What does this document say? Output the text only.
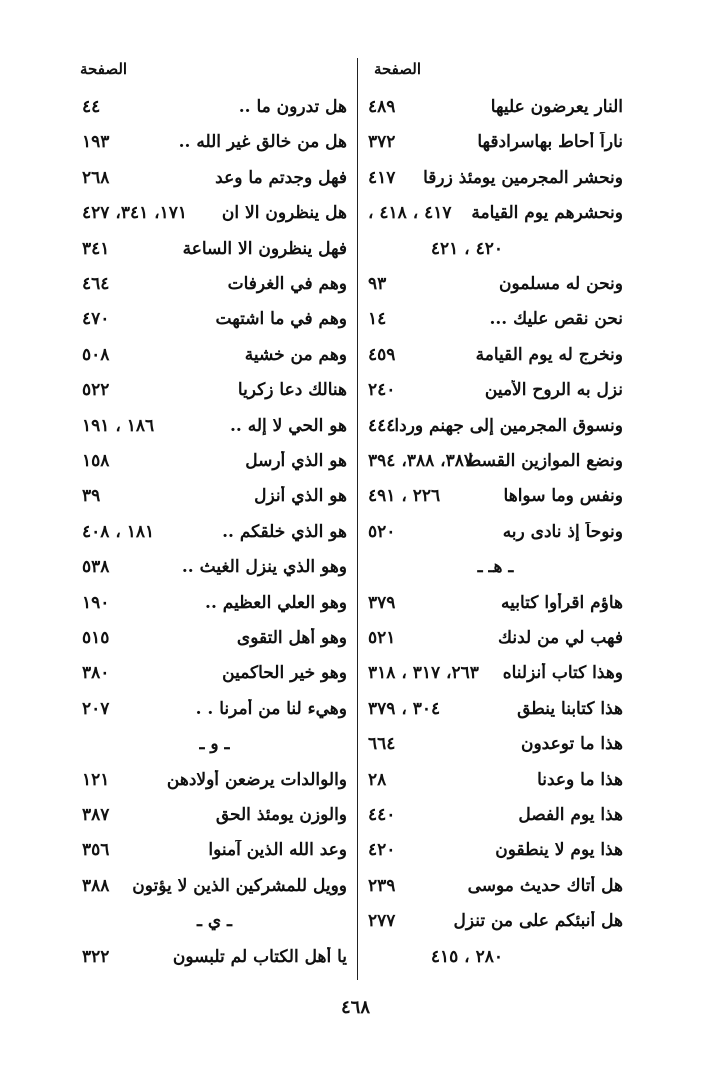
الصفحة
الصفحة
النار يعرضون عليها
٤٨٩
ناراً أحاط بهاسرادقها
٣٧٢
ونحشر المجرمين يومئذ زرقا
٤١٧
ونحشرهم يوم القيامة
٤١٧ ، ٤١٨ ،
٤٢٠ ، ٤٢١
ونحن له مسلمون
٩٣
نحن نقص عليك ...
١٤
ونخرج له يوم القيامة
٤٥٩
نزل به الروح الأمين
٢٤٠
ونسوق المجرمين إلى جهنم وردا
٤٤٤
ونضع الموازين القسط
٣٨٧، ٣٨٨، ٣٩٤
ونفس وما سواها
٢٢٦ ، ٤٩١
ونوحاً إذ نادى ربه
٥٢٠
ـ هـ ـ
هاؤم اقرأوا كتابيه
٣٧٩
فهب لي من لدنك
٥٢١
وهذا كتاب أنزلناه
٢٦٣، ٣١٧ ، ٣١٨
هذا كتابنا ينطق
٣٠٤ ، ٣٧٩
هذا ما توعدون
٦٦٤
هذا ما وعدنا
٢٨
هذا يوم الفصل
٤٤٠
هذا يوم لا ينطقون
٤٢٠
هل أتاك حديث موسى
٢٣٩
هل أنبئكم على من تنزل
٢٧٧
٢٨٠ ، ٤١٥
هل تدرون ما ..
٤٤
هل من خالق غير الله ..
١٩٣
فهل وجدتم ما وعد
٢٦٨
هل ينظرون الا ان
١٧١، ٣٤١، ٤٢٧
فهل ينظرون الا الساعة
٣٤١
وهم في الغرفات
٤٦٤
وهم في ما اشتهت
٤٧٠
وهم من خشية
٥٠٨
هنالك دعا زكريا
٥٢٢
هو الحي لا إله ..
١٨٦ ، ١٩١
هو الذي أرسل
١٥٨
هو الذي أنزل
٣٩
هو الذي خلقكم ..
١٨١ ، ٤٠٨
وهو الذي ينزل الغيث ..
٥٣٨
وهو العلي العظيم ..
١٩٠
وهو أهل التقوى
٥١٥
وهو خير الحاكمين
٣٨٠
وهيء لنا من أمرنا . .
٢٠٧
ـ و ـ
والوالدات يرضعن أولادهن
١٢١
والوزن يومئذ الحق
٣٨٧
وعد الله الذين آمنوا
٣٥٦
وويل للمشركين الذين لا يؤتون
٣٨٨
ـ ي ـ
يا أهل الكتاب لم تلبسون
٣٢٢
٤٦٨
